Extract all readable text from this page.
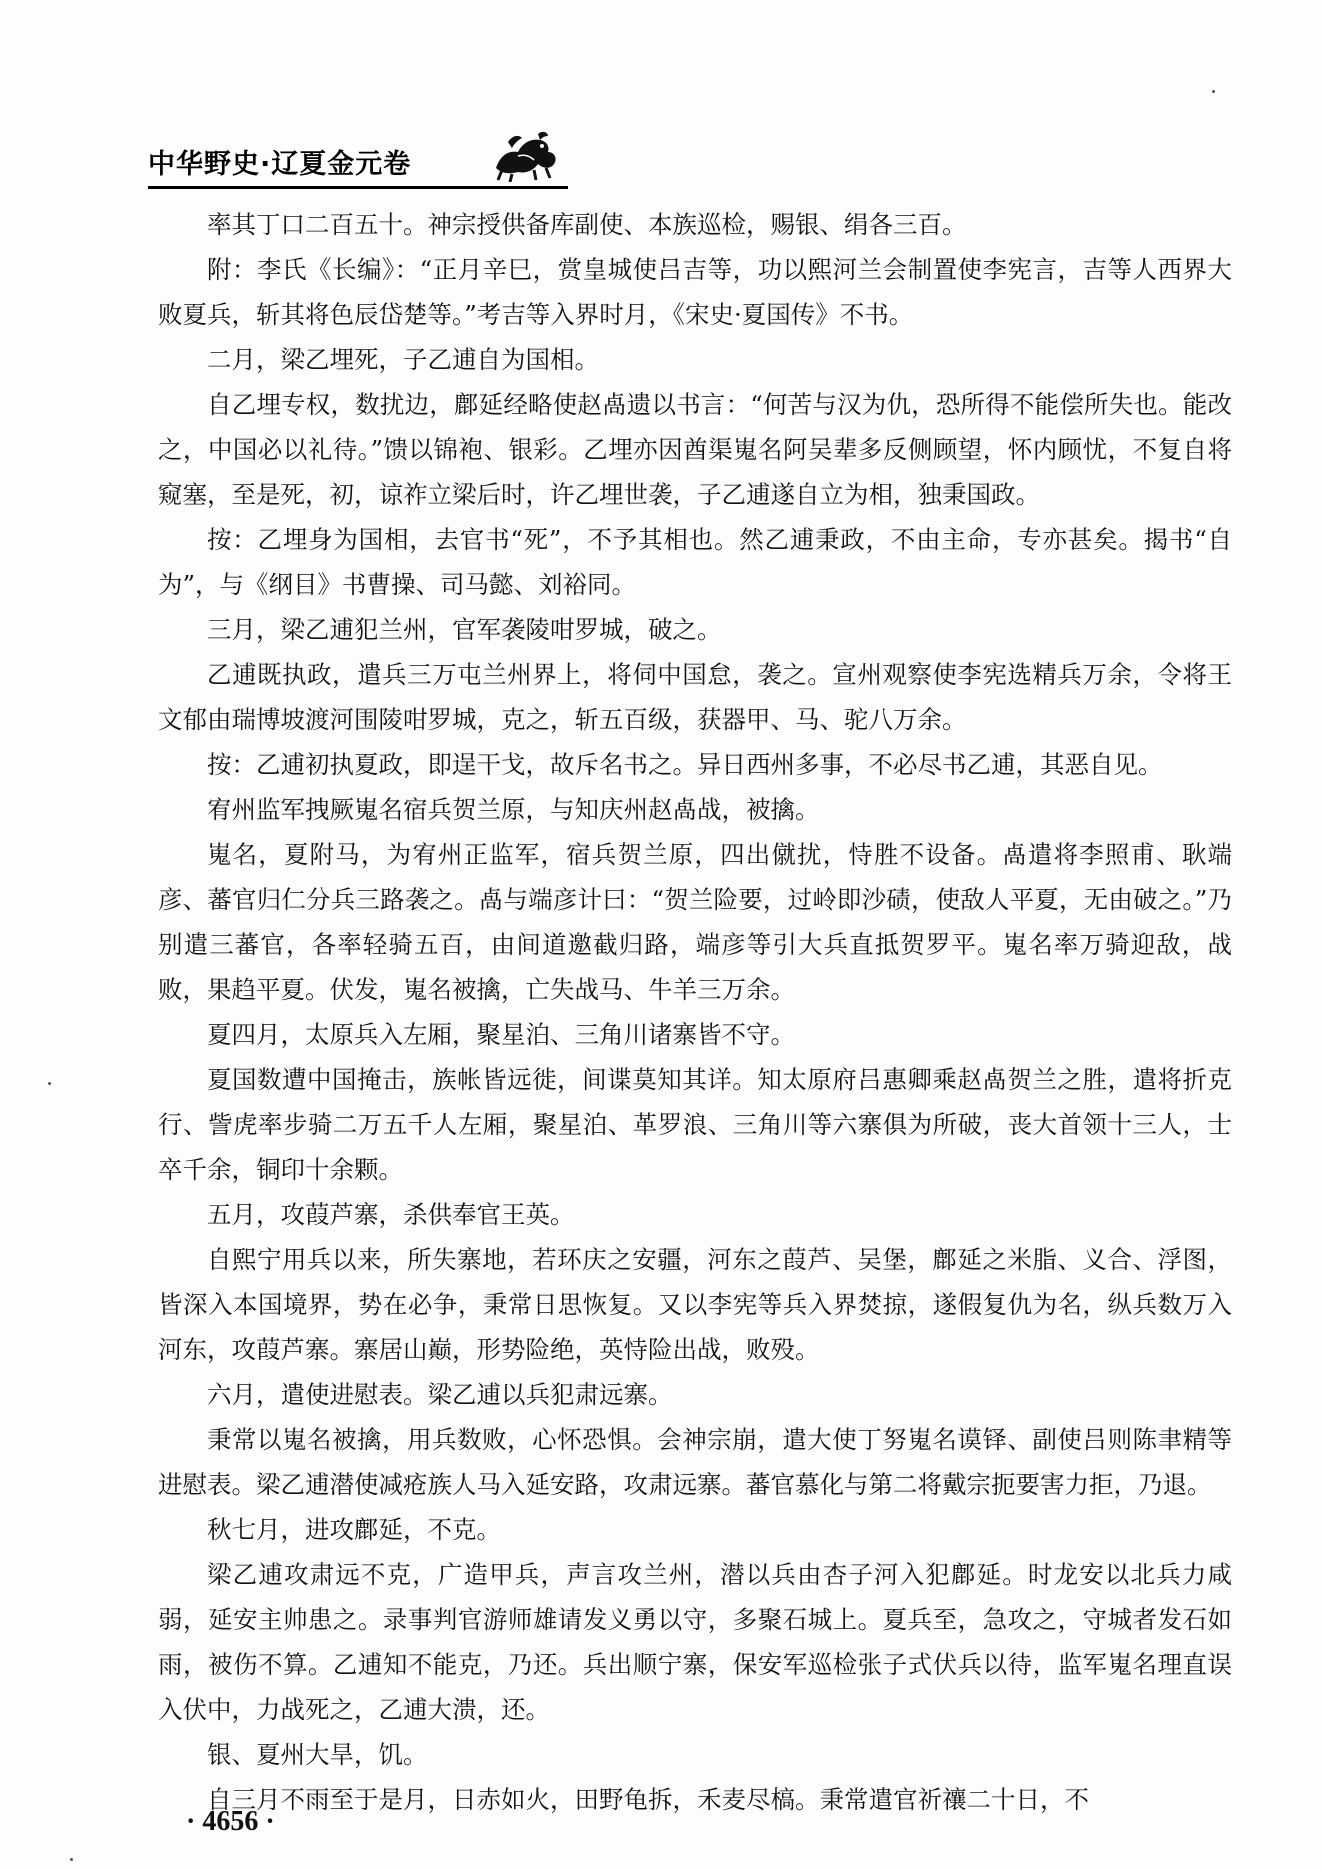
中华野史·辽夏金元卷

率其丁口二百五十。神宗授供备库副使、本族巡检，赐银、绢各三百。

附：李氏《长编》：“正月辛巳，赏皇城使吕吉等，功以熙河兰会制置使李宪言，吉等人西界大败夏兵，斩其将色辰岱楚等。”考吉等入界时月，《宋史·夏国传》不书。

二月，梁乙埋死，子乙逋自为国相。

自乙埋专权，数扰边，鄜延经略使赵卨遗以书言：“何苦与汉为仇，恐所得不能偿所失也。能改之，中国必以礼待。”馈以锦袍、银彩。乙埋亦因酋渠嵬名阿吴辈多反侧顾望，怀内顾忧，不复自将窥塞，至是死，初，谅祚立梁后时，许乙埋世袭，子乙逋遂自立为相，独秉国政。

按：乙埋身为国相，去官书“死”，不予其相也。然乙逋秉政，不由主命，专亦甚矣。揭书“自为”，与《纲目》书曹操、司马懿、刘裕同。

三月，梁乙逋犯兰州，官军袭陵咁罗城，破之。

乙逋既执政，遣兵三万屯兰州界上，将伺中国怠，袭之。宣州观察使李宪选精兵万余，令将王文郁由瑞博坡渡河围陵咁罗城，克之，斩五百级，获器甲、马、驼八万余。

按：乙逋初执夏政，即逞干戈，故斥名书之。异日西州多事，不必尽书乙逋，其恶自见。

宥州监军拽厥嵬名宿兵贺兰原，与知庆州赵卨战，被擒。

嵬名，夏附马，为宥州正监军，宿兵贺兰原，四出僦扰，恃胜不设备。卨遣将李照甫、耿端彦、蕃官归仁分兵三路袭之。卨与端彦计曰：“贺兰险要，过岭即沙碛，使敌人平夏，无由破之。”乃别遣三蕃官，各率轻骑五百，由间道邀截归路，端彦等引大兵直抵贺罗平。嵬名率万骑迎敌，战败，果趋平夏。伏发，嵬名被擒，亡失战马、牛羊三万余。

夏四月，太原兵入左厢，聚星泊、三角川诸寨皆不守。

夏国数遭中国掩击，族帐皆远徙，间谍莫知其详。知太原府吕惠卿乘赵卨贺兰之胜，遣将折克行、訾虎率步骑二万五千人左厢，聚星泊、革罗浪、三角川等六寨俱为所破，丧大首领十三人，士卒千余，铜印十余颗。

五月，攻葭芦寨，杀供奉官王英。

自熙宁用兵以来，所失寨地，若环庆之安疆，河东之葭芦、吴堡，鄜延之米脂、义合、浮图，皆深入本国境界，势在必争，秉常日思恢复。又以李宪等兵入界焚掠，遂假复仇为名，纵兵数万入河东，攻葭芦寨。寨居山巅，形势险绝，英恃险出战，败殁。

六月，遣使进慰表。梁乙逋以兵犯肃远寨。

秉常以嵬名被擒，用兵数败，心怀恐惧。会神宗崩，遣大使丁努嵬名谟铎、副使吕则陈聿精等进慰表。梁乙逋潜使减疮族人马入延安路，攻肃远寨。蕃官慕化与第二将戴宗扼要害力拒，乃退。

秋七月，进攻鄜延，不克。

梁乙逋攻肃远不克，广造甲兵，声言攻兰州，潜以兵由杏子河入犯鄜延。时龙安以北兵力咸弱，延安主帅患之。录事判官游师雄请发义勇以守，多聚石城上。夏兵至，急攻之，守城者发石如雨，被伤不算。乙逋知不能克，乃还。兵出顺宁寨，保安军巡检张子式伏兵以待，监军嵬名理直误入伏中，力战死之，乙逋大溃，还。

银、夏州大旱，饥。

自三月不雨至于是月，日赤如火，田野龟拆，禾麦尽槁。秉常遣官祈禳二十日，不

· 4656 ·
